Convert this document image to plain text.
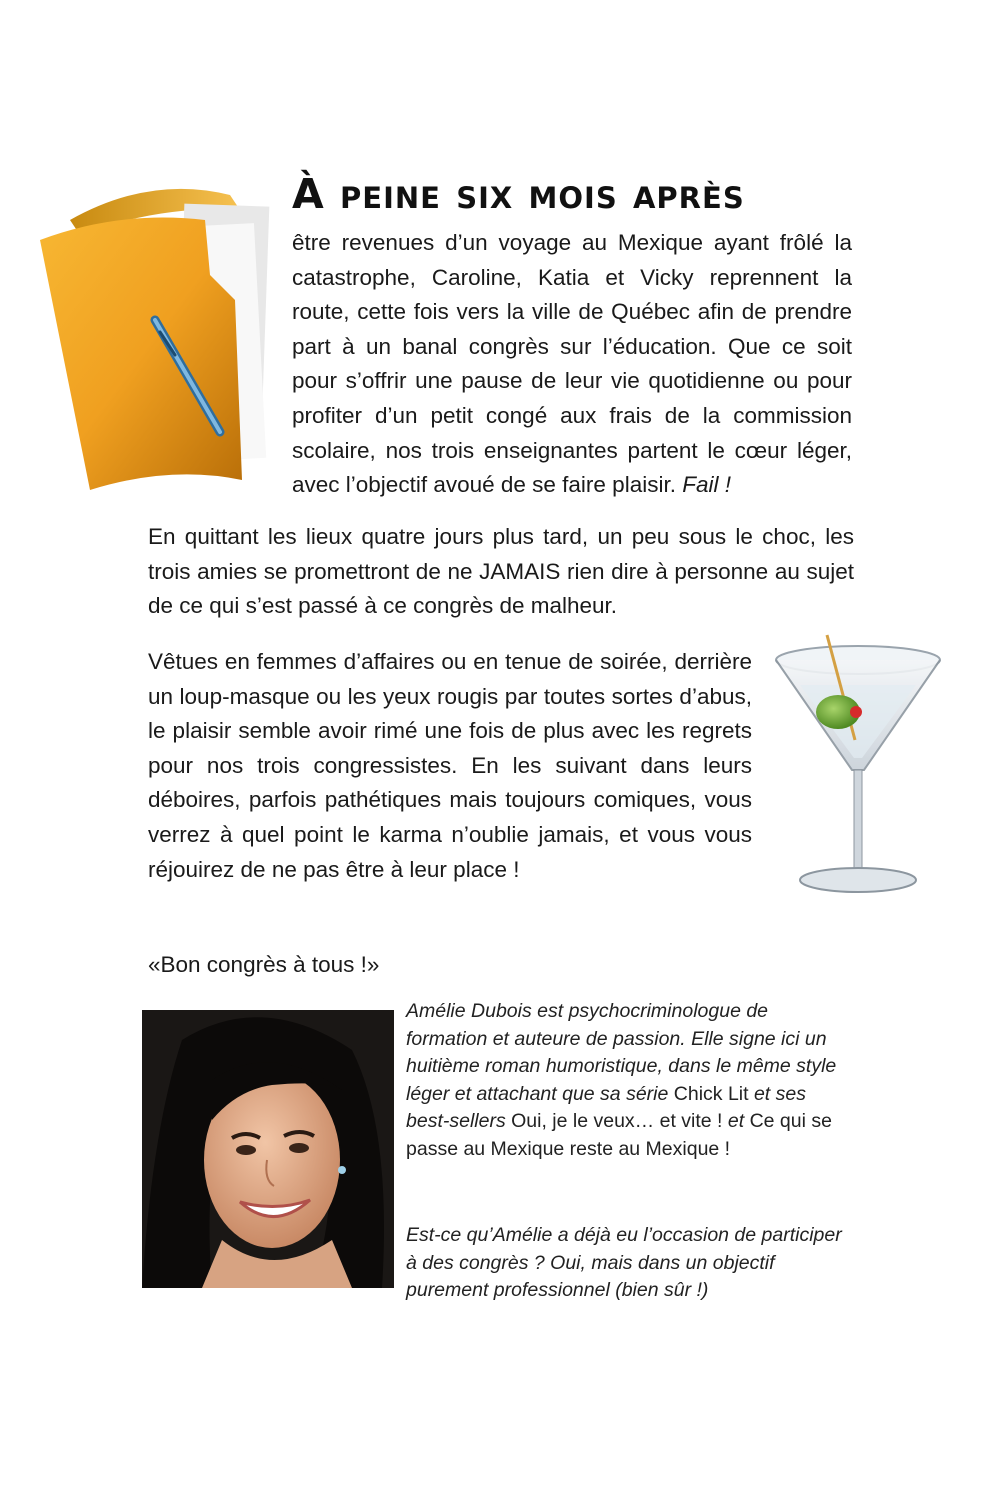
À peine six mois après

être revenues d’un voyage au Mexique ayant frôlé la catastrophe, Caroline, Katia et Vicky reprennent la route, cette fois vers la ville de Québec afin de prendre part à un banal congrès sur l’éducation. Que ce soit pour s’offrir une pause de leur vie quotidienne ou pour profiter d’un petit congé aux frais de la commission scolaire, nos trois enseignantes partent le cœur léger, avec l’objectif avoué de se faire plaisir. Fail !

En quittant les lieux quatre jours plus tard, un peu sous le choc, les trois amies se promettront de ne JAMAIS rien dire à personne au sujet de ce qui s’est passé à ce congrès de malheur.

Vêtues en femmes d’affaires ou en tenue de soirée, derrière un loup-masque ou les yeux rougis par toutes sortes d’abus, le plaisir semble avoir rimé une fois de plus avec les regrets pour nos trois congressistes. En les suivant dans leurs déboires, parfois pathétiques mais toujours comiques, vous verrez à quel point le karma n’oublie jamais, et vous vous réjouirez de ne pas être à leur place !

«Bon congrès à tous !»

Amélie Dubois est psychocriminologue de formation et auteure de passion. Elle signe ici un huitième roman humoristique, dans le même style léger et attachant que sa série Chick Lit et ses best-sellers Oui, je le veux… et vite ! et Ce qui se passe au Mexique reste au Mexique !

Est-ce qu’Amélie a déjà eu l’occasion de participer à des congrès ? Oui, mais dans un objectif purement professionnel (bien sûr !)
